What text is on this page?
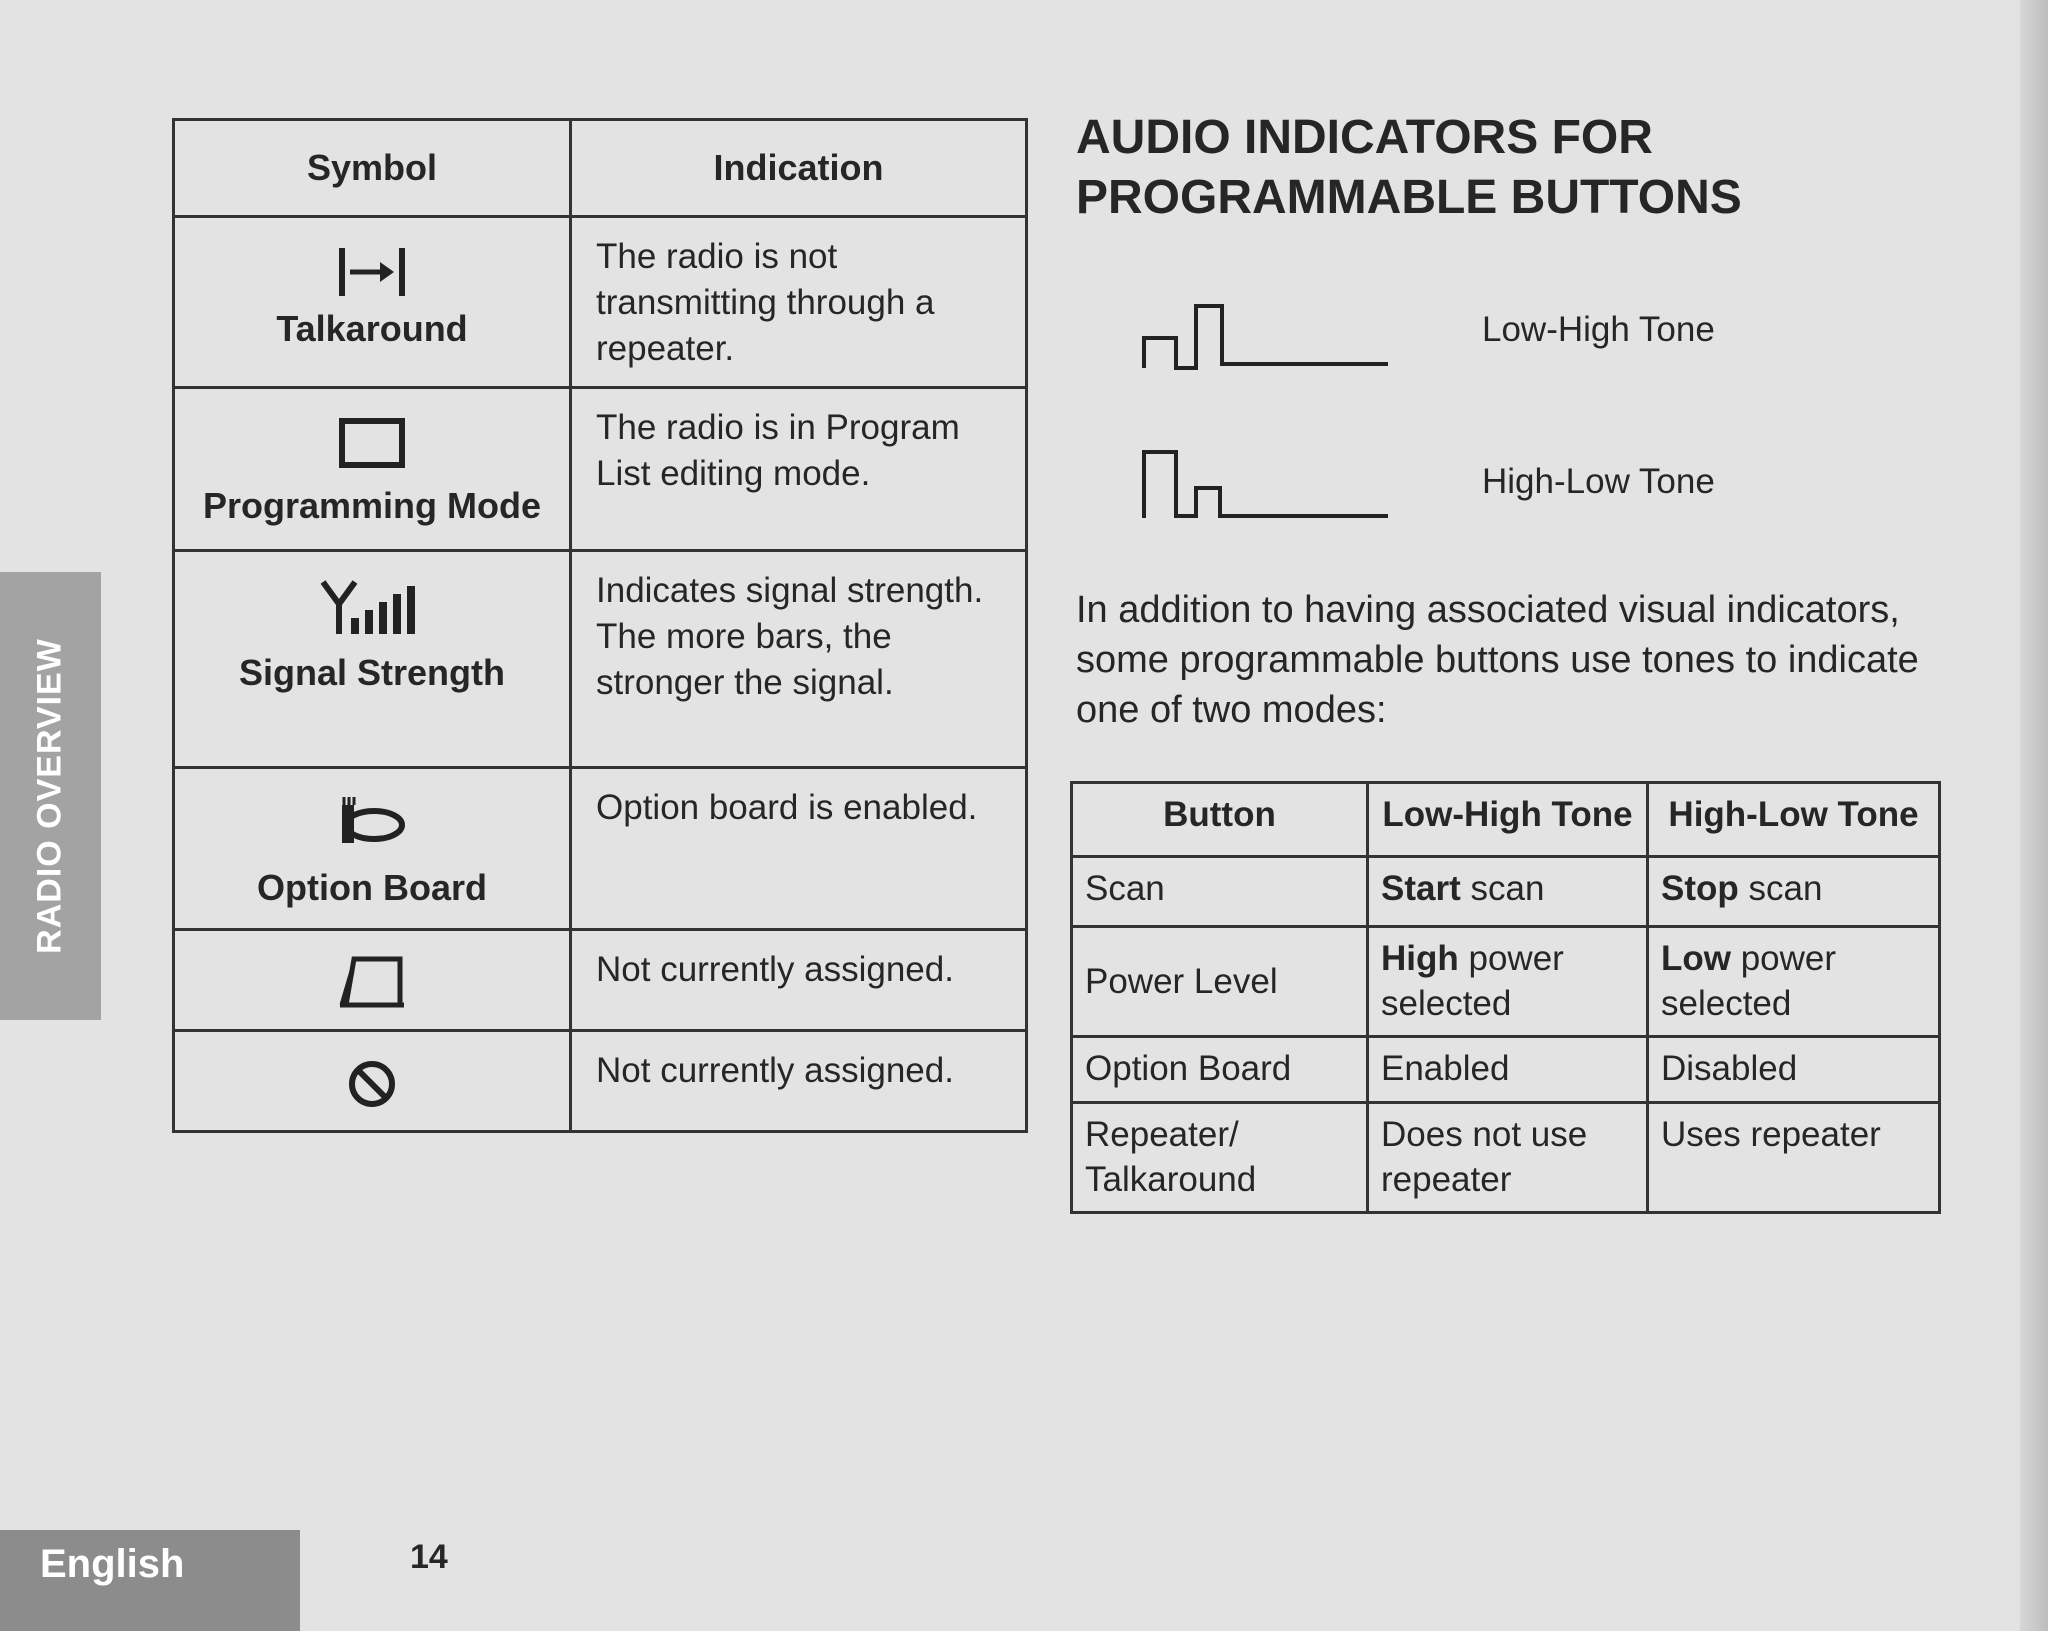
RADIO OVERVIEW
English	14
Symbol	Indication

Talkaround	The radio is not transmitting through a repeater.

Programming Mode	The radio is in Program List editing mode.

Signal Strength	Indicates signal strength. The more bars, the stronger the signal.

Option Board	Option board is enabled.

	Not currently assigned.

	Not currently assigned.
AUDIO INDICATORS FOR
PROGRAMMABLE BUTTONS
Low-High Tone
High-Low Tone
In addition to having associated visual indicators, some programmable buttons use tones to indicate one of two modes:
Button	Low-High Tone	High-Low Tone
Scan	Start scan	Stop scan
Power Level	High power selected	Low power selected
Option Board	Enabled	Disabled
Repeater/ Talkaround	Does not use repeater	Uses repeater
